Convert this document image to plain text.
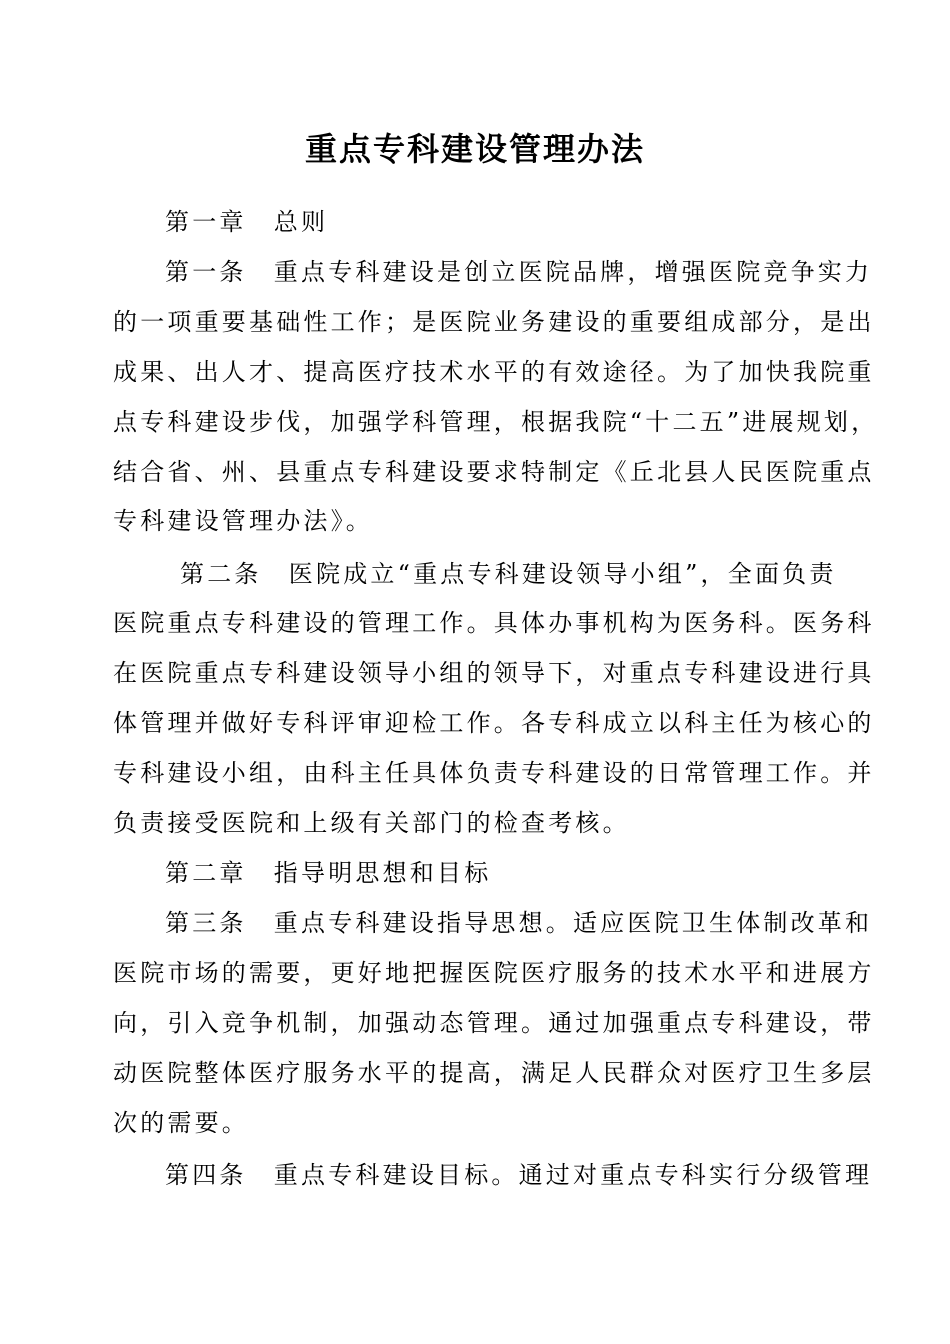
重点专科建设管理办法
第一章　总则
第一条　重点专科建设是创立医院品牌，增强医院竞争实力
的一项重要基础性工作；是医院业务建设的重要组成部分，是出
成果、出人才、提高医疗技术水平的有效途径。为了加快我院重
点专科建设步伐，加强学科管理，根据我院“十二五”进展规划，
结合省、州、县重点专科建设要求特制定《丘北县人民医院重点
专科建设管理办法》。
第二条　医院成立“重点专科建设领导小组”，全面负责
医院重点专科建设的管理工作。具体办事机构为医务科。医务科
在医院重点专科建设领导小组的领导下，对重点专科建设进行具
体管理并做好专科评审迎检工作。各专科成立以科主任为核心的
专科建设小组，由科主任具体负责专科建设的日常管理工作。并
负责接受医院和上级有关部门的检查考核。
第二章　指导明思想和目标
第三条　重点专科建设指导思想。适应医院卫生体制改革和
医院市场的需要，更好地把握医院医疗服务的技术水平和进展方
向，引入竞争机制，加强动态管理。通过加强重点专科建设，带
动医院整体医疗服务水平的提高，满足人民群众对医疗卫生多层
次的需要。
第四条　重点专科建设目标。通过对重点专科实行分级管理
